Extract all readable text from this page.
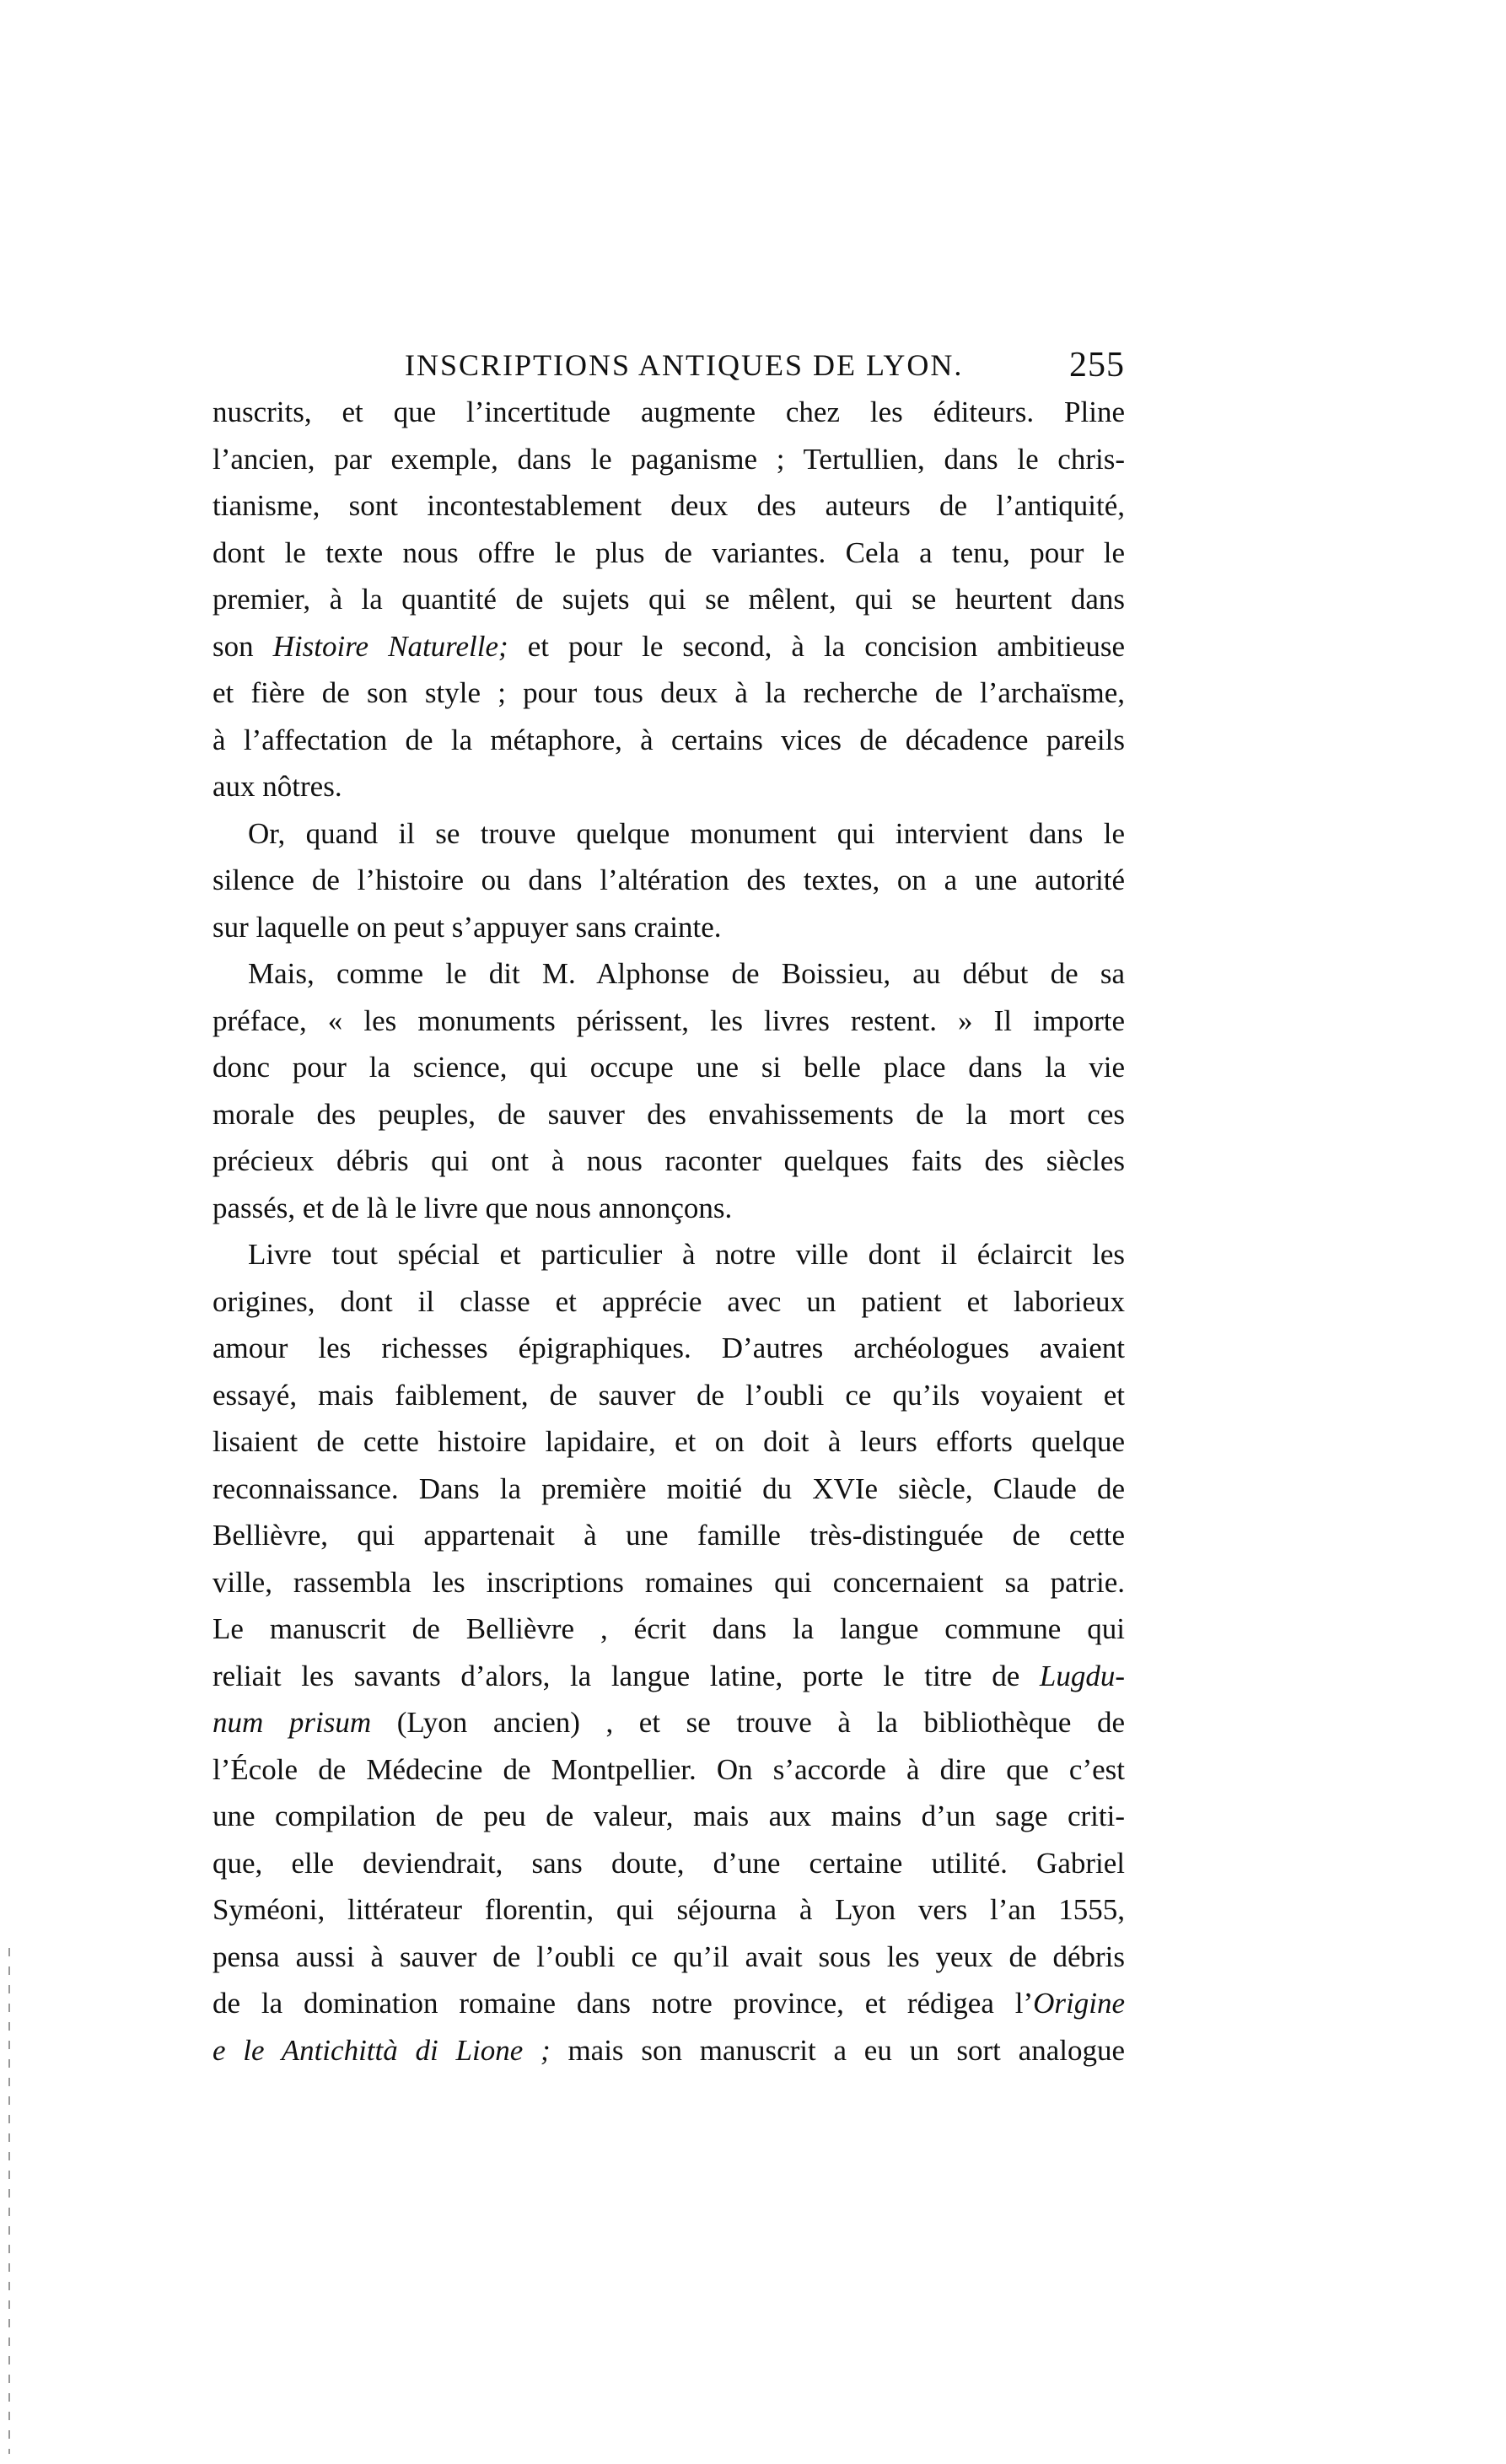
INSCRIPTIONS ANTIQUES DE LYON.	255
nuscrits, et que l’incertitude augmente chez les éditeurs. Pline
l’ancien, par exemple, dans le paganisme ; Tertullien, dans le chris-
tianisme, sont incontestablement deux des auteurs de l’antiquité,
dont le texte nous offre le plus de variantes. Cela a tenu, pour le
premier, à la quantité de sujets qui se mêlent, qui se heurtent dans
son Histoire Naturelle; et pour le second, à la concision ambitieuse
et fière de son style ; pour tous deux à la recherche de l’archaïsme,
à l’affectation de la métaphore, à certains vices de décadence pareils
aux nôtres.
Or, quand il se trouve quelque monument qui intervient dans le
silence de l’histoire ou dans l’altération des textes, on a une autorité
sur laquelle on peut s’appuyer sans crainte.
Mais, comme le dit M. Alphonse de Boissieu, au début de sa
préface, « les monuments périssent, les livres restent. » Il importe
donc pour la science, qui occupe une si belle place dans la vie
morale des peuples, de sauver des envahissements de la mort ces
précieux débris qui ont à nous raconter quelques faits des siècles
passés, et de là le livre que nous annonçons.
Livre tout spécial et particulier à notre ville dont il éclaircit les
origines, dont il classe et apprécie avec un patient et laborieux
amour les richesses épigraphiques. D’autres archéologues avaient
essayé, mais faiblement, de sauver de l’oubli ce qu’ils voyaient et
lisaient de cette histoire lapidaire, et on doit à leurs efforts quelque
reconnaissance. Dans la première moitié du XVIe siècle, Claude de
Bellièvre, qui appartenait à une famille très-distinguée de cette
ville, rassembla les inscriptions romaines qui concernaient sa patrie.
Le manuscrit de Bellièvre , écrit dans la langue commune qui
reliait les savants d’alors, la langue latine, porte le titre de Lugdu-
num prisum (Lyon ancien) , et se trouve à la bibliothèque de
l’École de Médecine de Montpellier. On s’accorde à dire que c’est
une compilation de peu de valeur, mais aux mains d’un sage criti-
que, elle deviendrait, sans doute, d’une certaine utilité. Gabriel
Syméoni, littérateur florentin, qui séjourna à Lyon vers l’an 1555,
pensa aussi à sauver de l’oubli ce qu’il avait sous les yeux de débris
de la domination romaine dans notre province, et rédigea l’Origine
e le Antichittà di Lione ; mais son manuscrit a eu un sort analogue
